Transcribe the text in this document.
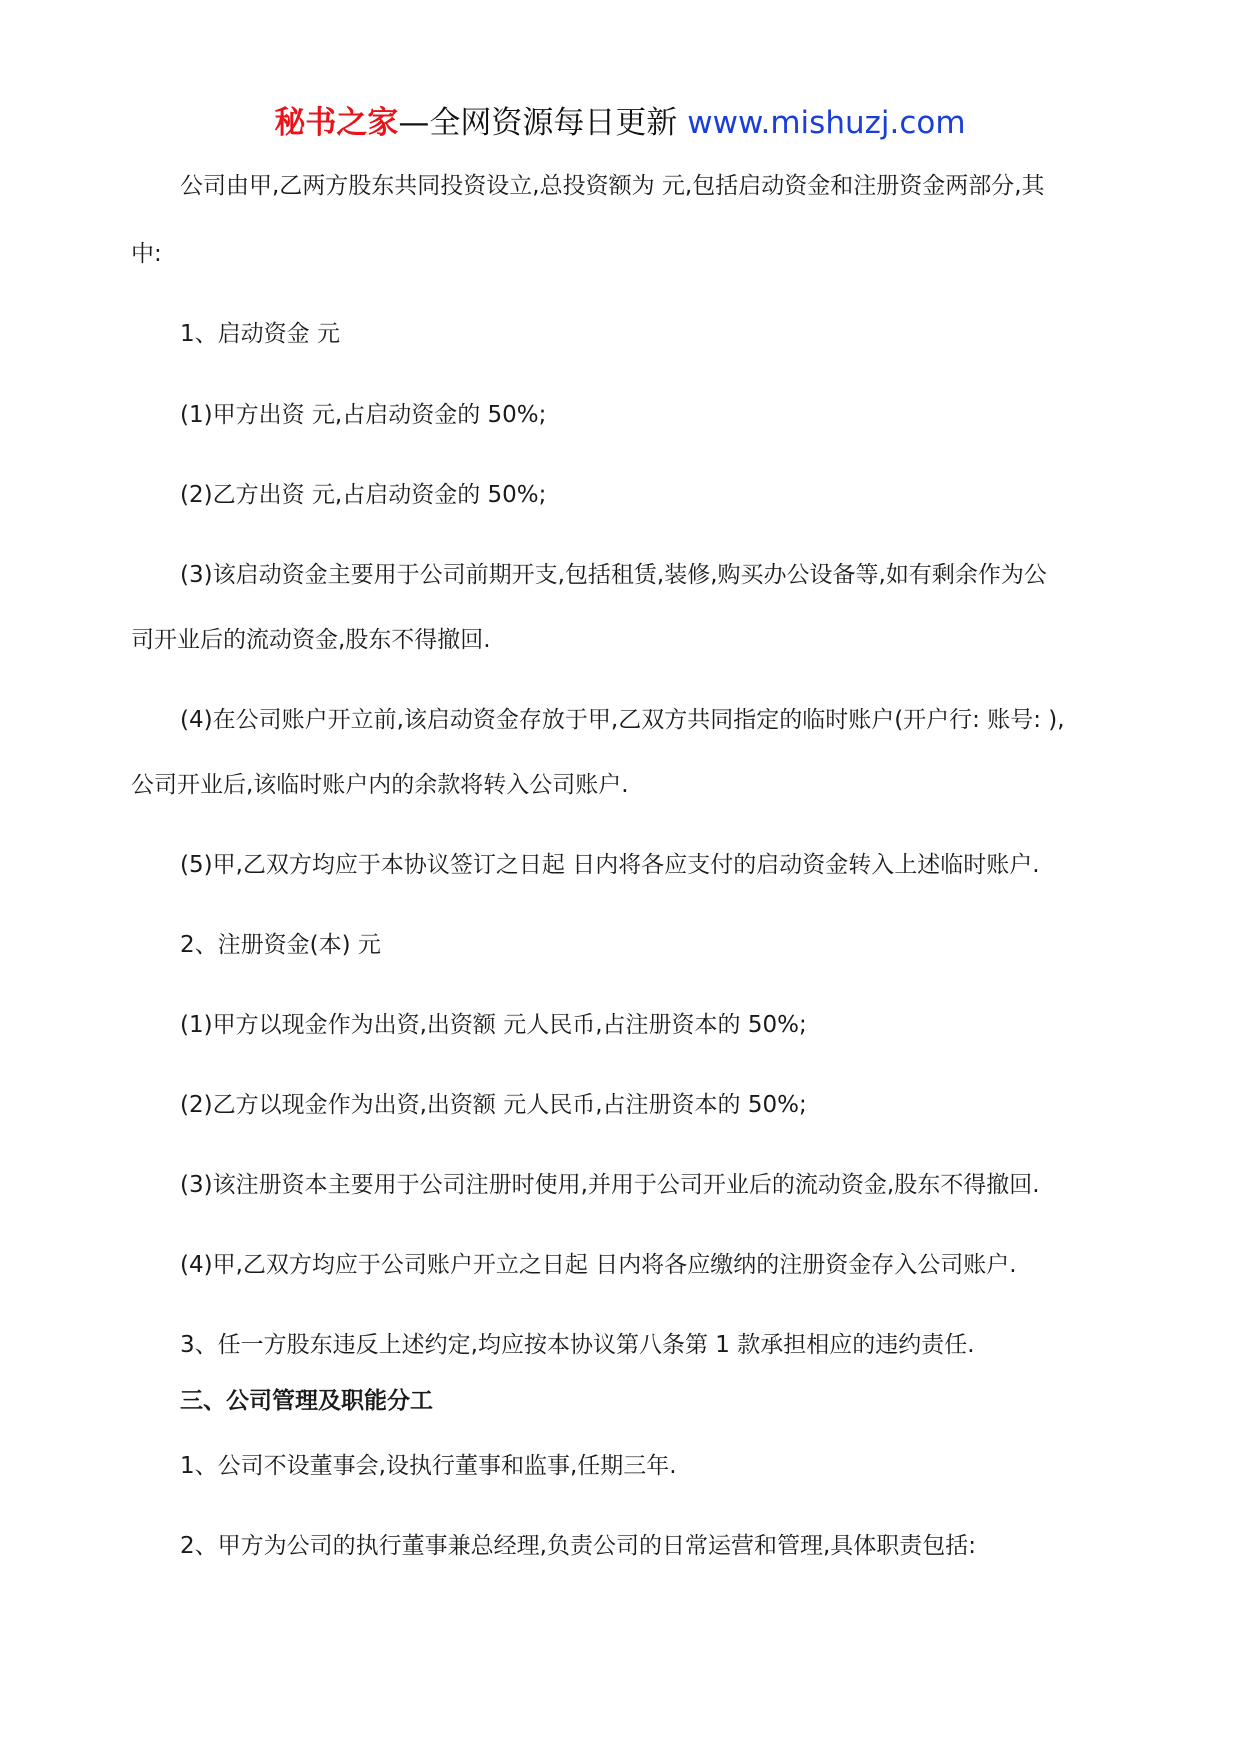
秘书之家—全网资源每日更新 www.mishuzj.com
公司由甲,乙两方股东共同投资设立,总投资额为 元,包括启动资金和注册资金两部分,其
中:
1、启动资金 元
(1)甲方出资 元,占启动资金的 50%;
(2)乙方出资 元,占启动资金的 50%;
(3)该启动资金主要用于公司前期开支,包括租赁,装修,购买办公设备等,如有剩余作为公
司开业后的流动资金,股东不得撤回.
(4)在公司账户开立前,该启动资金存放于甲,乙双方共同指定的临时账户(开户行: 账号: ),
公司开业后,该临时账户内的余款将转入公司账户.
(5)甲,乙双方均应于本协议签订之日起 日内将各应支付的启动资金转入上述临时账户.
2、注册资金(本) 元
(1)甲方以现金作为出资,出资额 元人民币,占注册资本的 50%;
(2)乙方以现金作为出资,出资额 元人民币,占注册资本的 50%;
(3)该注册资本主要用于公司注册时使用,并用于公司开业后的流动资金,股东不得撤回.
(4)甲,乙双方均应于公司账户开立之日起 日内将各应缴纳的注册资金存入公司账户.
3、任一方股东违反上述约定,均应按本协议第八条第 1 款承担相应的违约责任.
三、公司管理及职能分工
1、公司不设董事会,设执行董事和监事,任期三年.
2、甲方为公司的执行董事兼总经理,负责公司的日常运营和管理,具体职责包括:
